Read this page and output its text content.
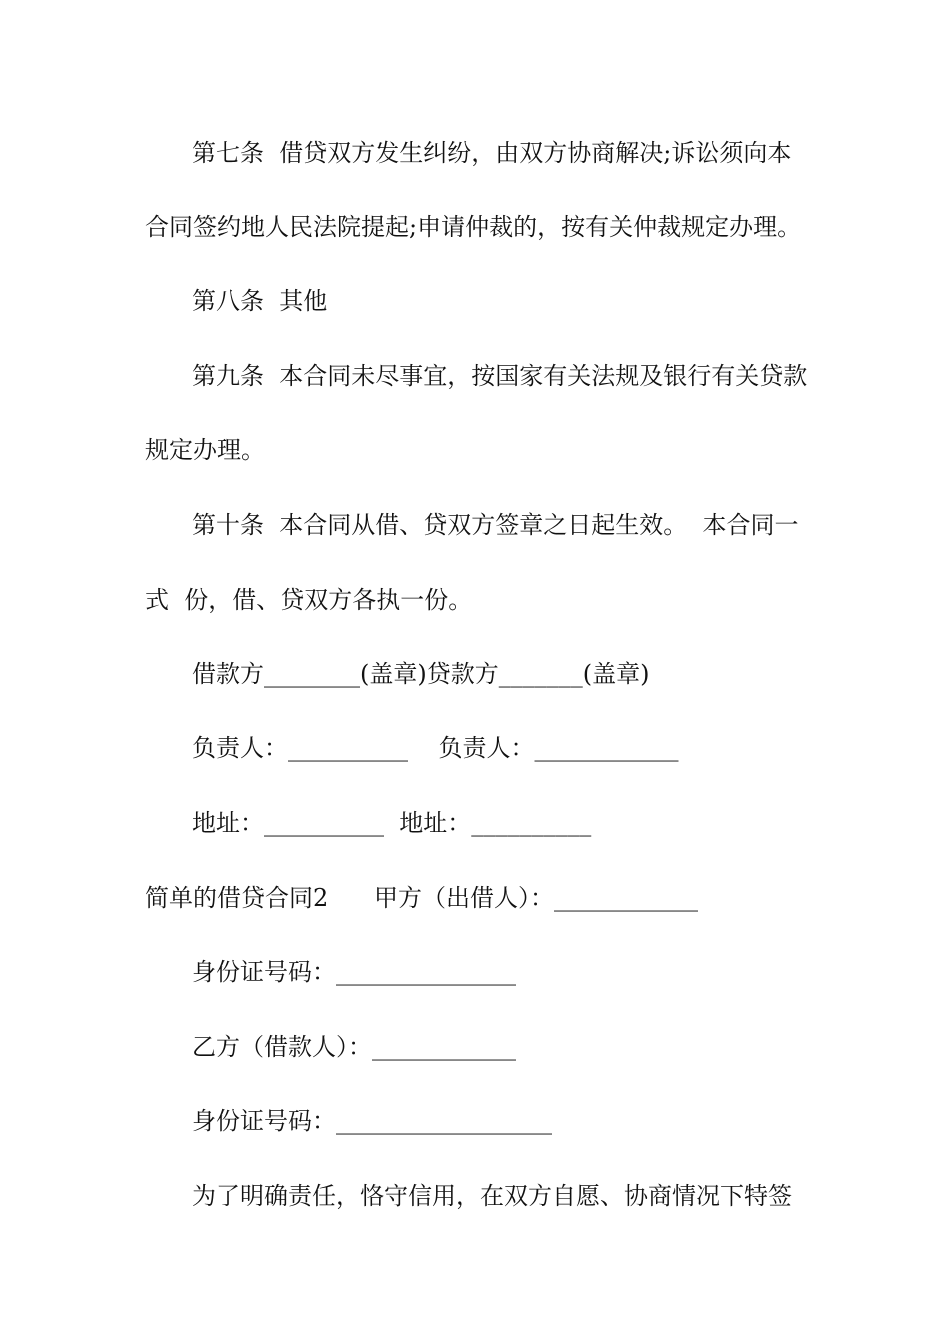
第七条  借贷双方发生纠纷，由双方协商解决;诉讼须向本
合同签约地人民法院提起;申请仲裁的，按有关仲裁规定办理。
第八条  其他
第九条  本合同未尽事宜，按国家有关法规及银行有关贷款
规定办理。
第十条  本合同从借、贷双方签章之日起生效。  本合同一
式  份，借、贷双方各执一份。
借款方________(盖章)贷款方_______(盖章)
负责人：__________    负责人：____________
地址：__________  地址：__________
简单的借贷合同2      甲方（出借人）：____________
身份证号码：_______________
乙方（借款人）：____________
身份证号码：__________________
为了明确责任，恪守信用，在双方自愿、协商情况下特签
